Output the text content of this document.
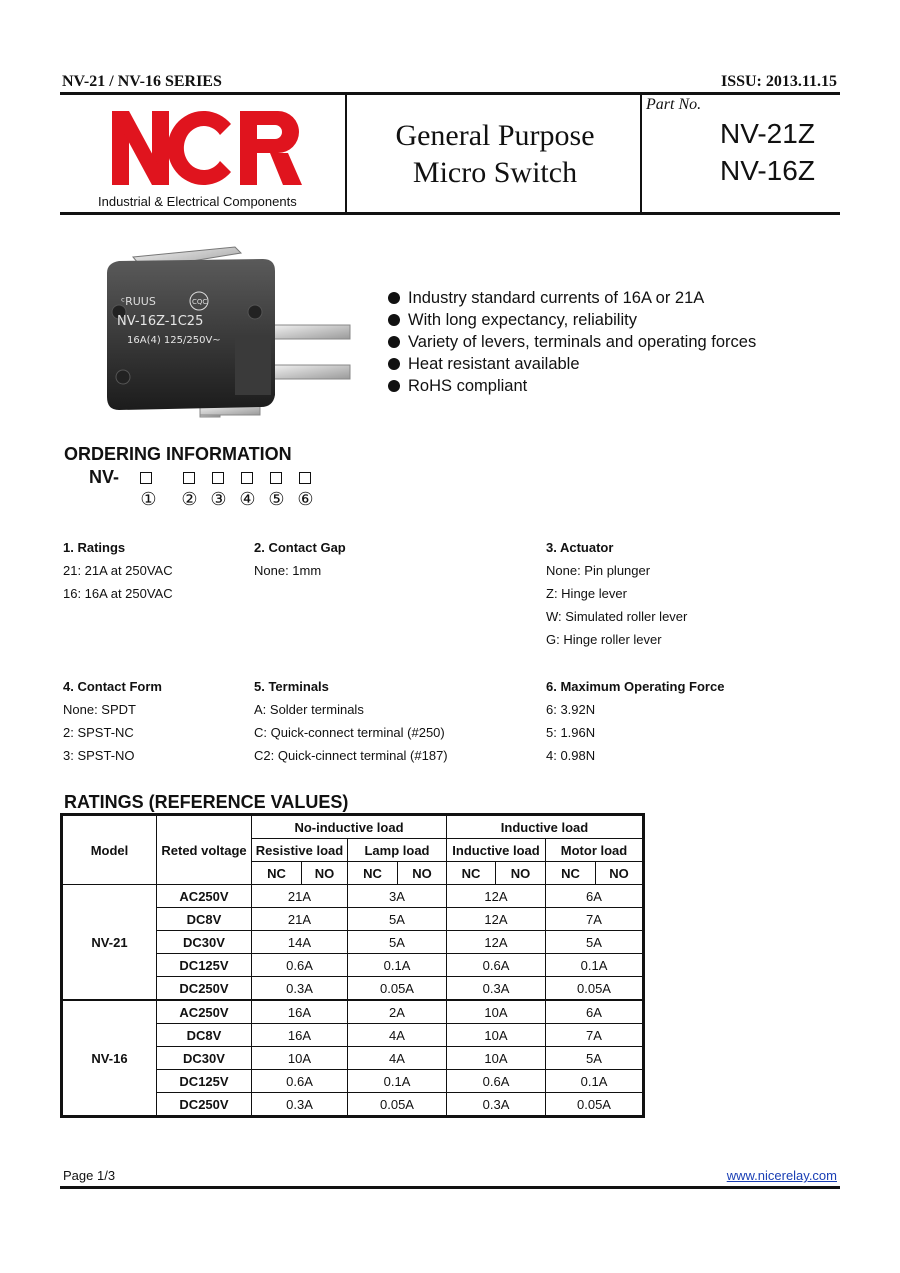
NV-21 / NV-16 SERIES	ISSU: 2013.11.15
Industrial & Electrical Components
General Purpose
Micro Switch
Part No.
NV-21Z
NV-16Z
ᶜRUUS	CQC
NV-16Z-1C25
16A(4) 125/250V~
Industry standard currents of 16A or 21A
With long expectancy, reliability
Variety of levers, terminals and operating forces
Heat resistant available
RoHS compliant
ORDERING INFORMATION
NV-
①	② ③ ④ ⑤ ⑥
1. Ratings
21: 21A at 250VAC
16: 16A at 250VAC
2. Contact Gap
None: 1mm
3. Actuator
None: Pin plunger
Z: Hinge lever
W: Simulated roller lever
G: Hinge roller lever
4. Contact Form
None: SPDT
2: SPST-NC
3: SPST-NO
5. Terminals
A: Solder terminals
C: Quick-connect terminal (#250)
C2: Quick-cinnect terminal (#187)
6. Maximum Operating Force
6: 3.92N
5: 1.96N
4: 0.98N
RATINGS (REFERENCE VALUES)
Model	Reted voltage	No-inductive load				Inductive load			
		Resistive load		Lamp load		Inductive load		Motor load	
		NC	NO	NC	NO	NC	NO	NC	NO
NV-21	AC250V	21A		3A		12A		6A	
	DC8V	21A		5A		12A		7A	
	DC30V	14A		5A		12A		5A	
	DC125V	0.6A		0.1A		0.6A		0.1A	
	DC250V	0.3A		0.05A		0.3A		0.05A	
NV-16	AC250V	16A		2A		10A		6A	
	DC8V	16A		4A		10A		7A	
	DC30V	10A		4A		10A		5A	
	DC125V	0.6A		0.1A		0.6A		0.1A	
	DC250V	0.3A		0.05A		0.3A		0.05A	
Page 1/3	www.nicerelay.com
